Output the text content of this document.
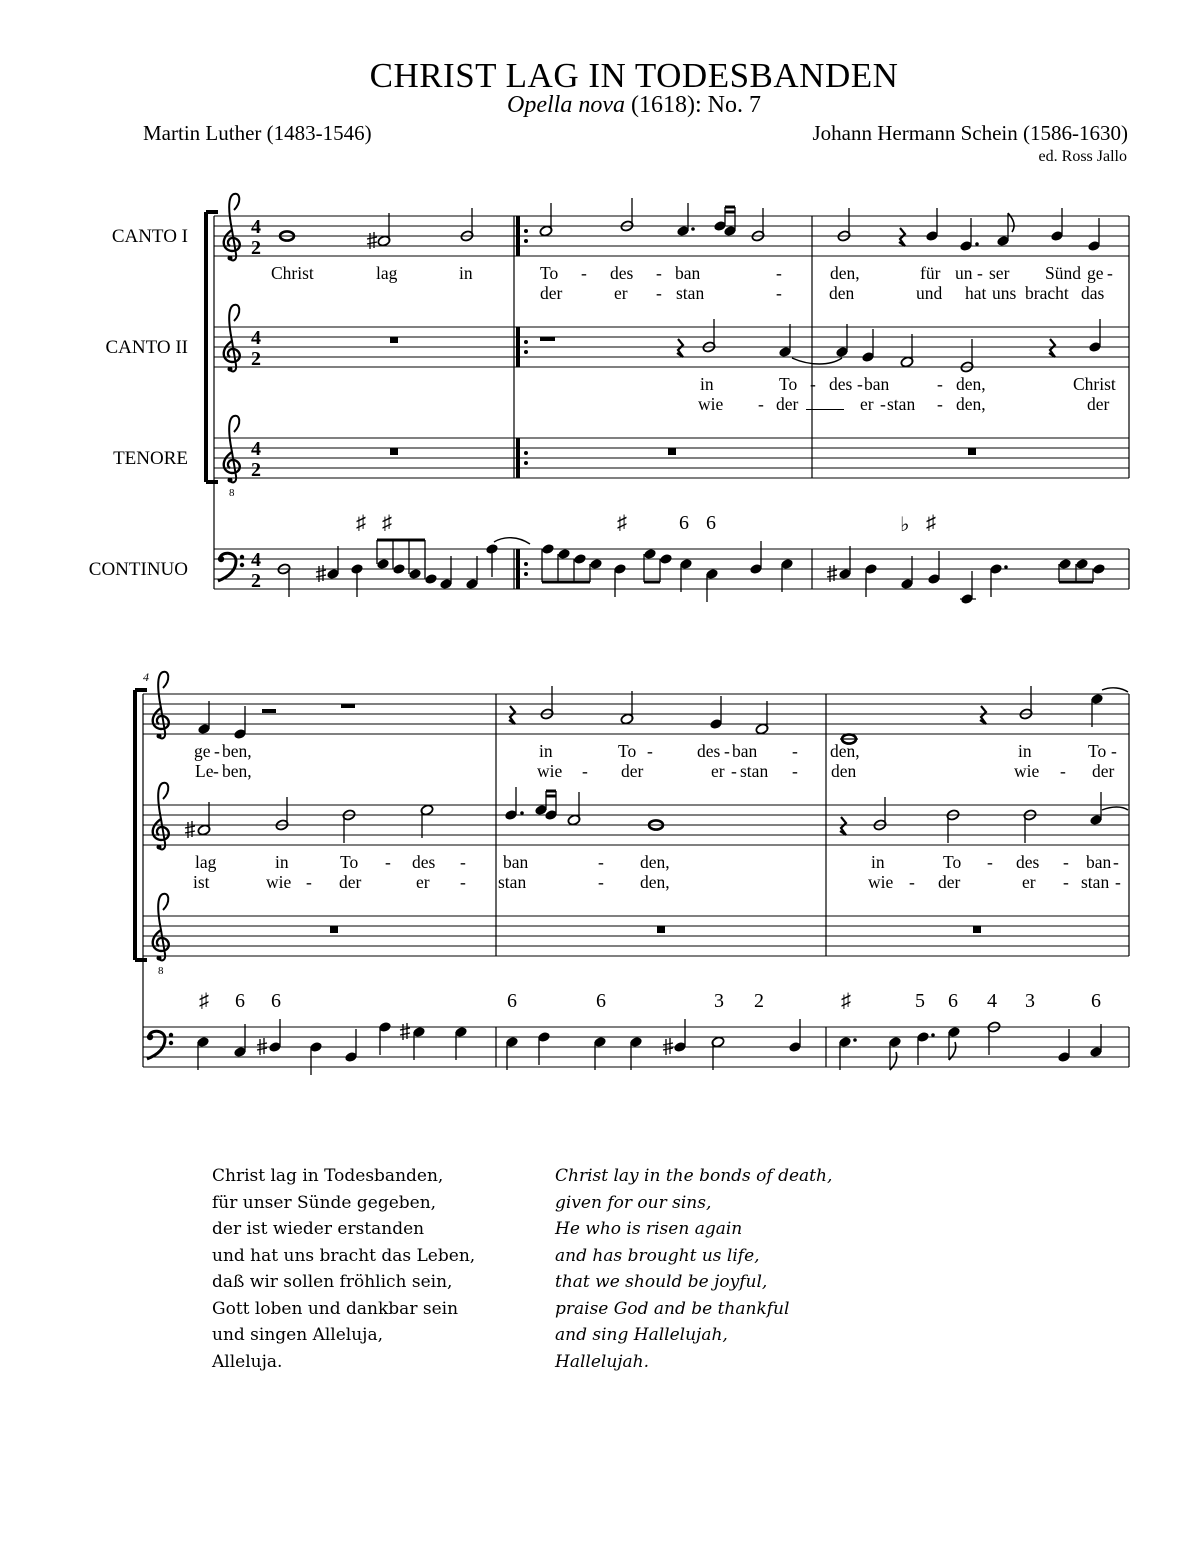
CHRIST LAG IN TODESBANDEN
Opella nova (1618): No. 7
Martin Luther (1483-1546)	Johann Hermann Schein (1586-1630)
ed. Ross Jallo
CANTO I
CANTO II
TENORE
CONTINUO
8
4
2
4
2
4
2
4
2
4
8
Christ	lag	in	To - des - ban	-	den,	für un - ser Sünd ge -
der	er - stan	-	den	und hat uns bracht das
in	To - des - ban	- den,	Christ
wie - der	er - stan - den,	der
♯ ♯	♯	6 6	♭ ♯
ge - ben,	in	To -	des - ban - den,	in	To -
Le - ben,	wie - der	er - stan - den	wie - der
lag	in	To - des - ban	- den,	in	To - des - ban -
ist	wie - der	er - stan	- den,	wie - der	er - stan -
♯ 6 6	6	6	3 2	♯	5 6 4 3	6
Christ lag in Todesbanden,
für unser Sünde gegeben,
der ist wieder erstanden
und hat uns bracht das Leben,
daß wir sollen fröhlich sein,
Gott loben und dankbar sein
und singen Alleluja,
Alleluja.
Christ lay in the bonds of death,
given for our sins,
He who is risen again
and has brought us life,
that we should be joyful,
praise God and be thankful
and sing Hallelujah,
Hallelujah.
